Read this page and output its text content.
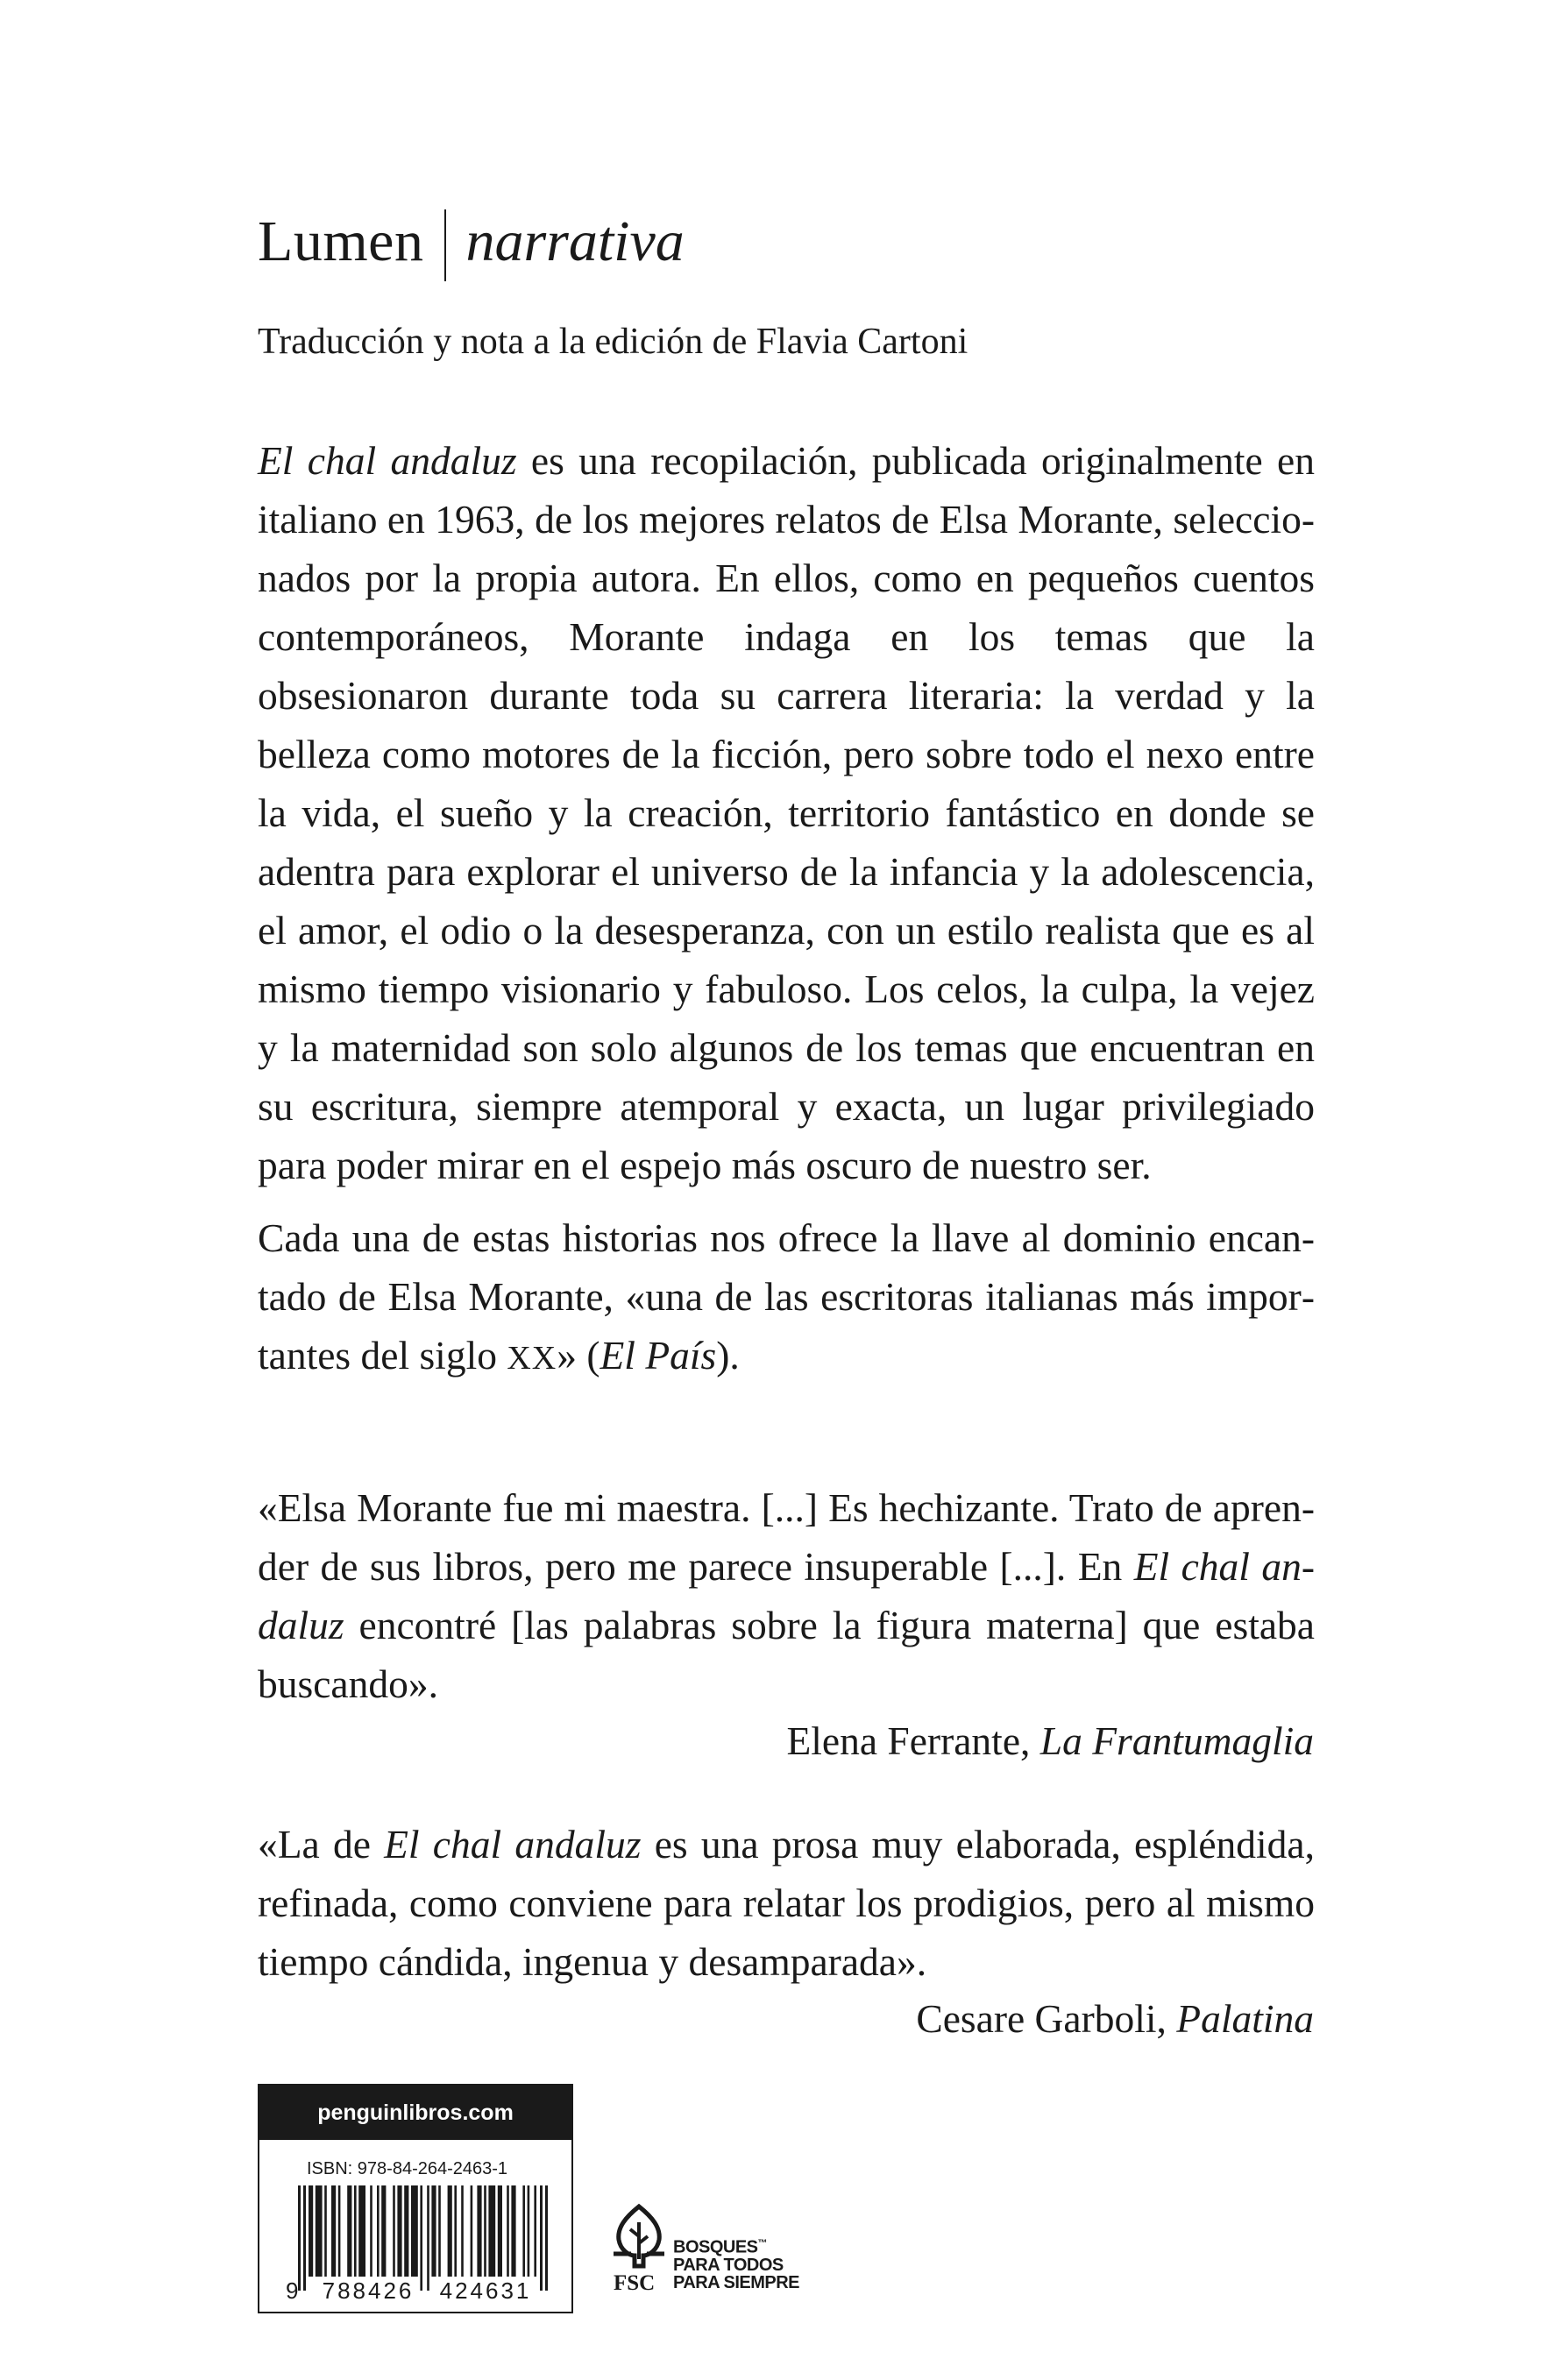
Lumen narrativa
Traducción y nota a la edición de Flavia Cartoni

El chal andaluz es una recopilación, publicada originalmente en italiano en 1963, de los mejores relatos de Elsa Morante, seleccionados por la propia autora. En ellos, como en pequeños cuentos contemporáneos, Morante indaga en los temas que la obsesionaron durante toda su carrera literaria: la verdad y la belleza como motores de la ficción, pero sobre todo el nexo entre la vida, el sueño y la creación, territorio fantástico en donde se adentra para explorar el universo de la infancia y la adolescencia, el amor, el odio o la desesperanza, con un estilo realista que es al mismo tiempo visionario y fabuloso. Los celos, la culpa, la vejez y la maternidad son solo algunos de los temas que encuentran en su escritura, siempre atemporal y exacta, un lugar privilegiado para poder mirar en el espejo más oscuro de nuestro ser.

Cada una de estas historias nos ofrece la llave al dominio encantado de Elsa Morante, «una de las escritoras italianas más importantes del siglo XX» (El País).

«Elsa Morante fue mi maestra. [...] Es hechizante. Trato de aprender de sus libros, pero me parece insuperable [...]. En El chal andaluz encontré [las palabras sobre la figura materna] que estaba buscando».

Elena Ferrante, La Frantumaglia

«La de El chal andaluz es una prosa muy elaborada, espléndida, refinada, como conviene para relatar los prodigios, pero al mismo tiempo cándida, ingenua y desamparada».

Cesare Garboli, Palatina
penguinlibros.com
ISBN: 978-84-264-2463-1
9 788426 424631	FSC
BOSQUES™
PARA TODOS
PARA SIEMPRE
